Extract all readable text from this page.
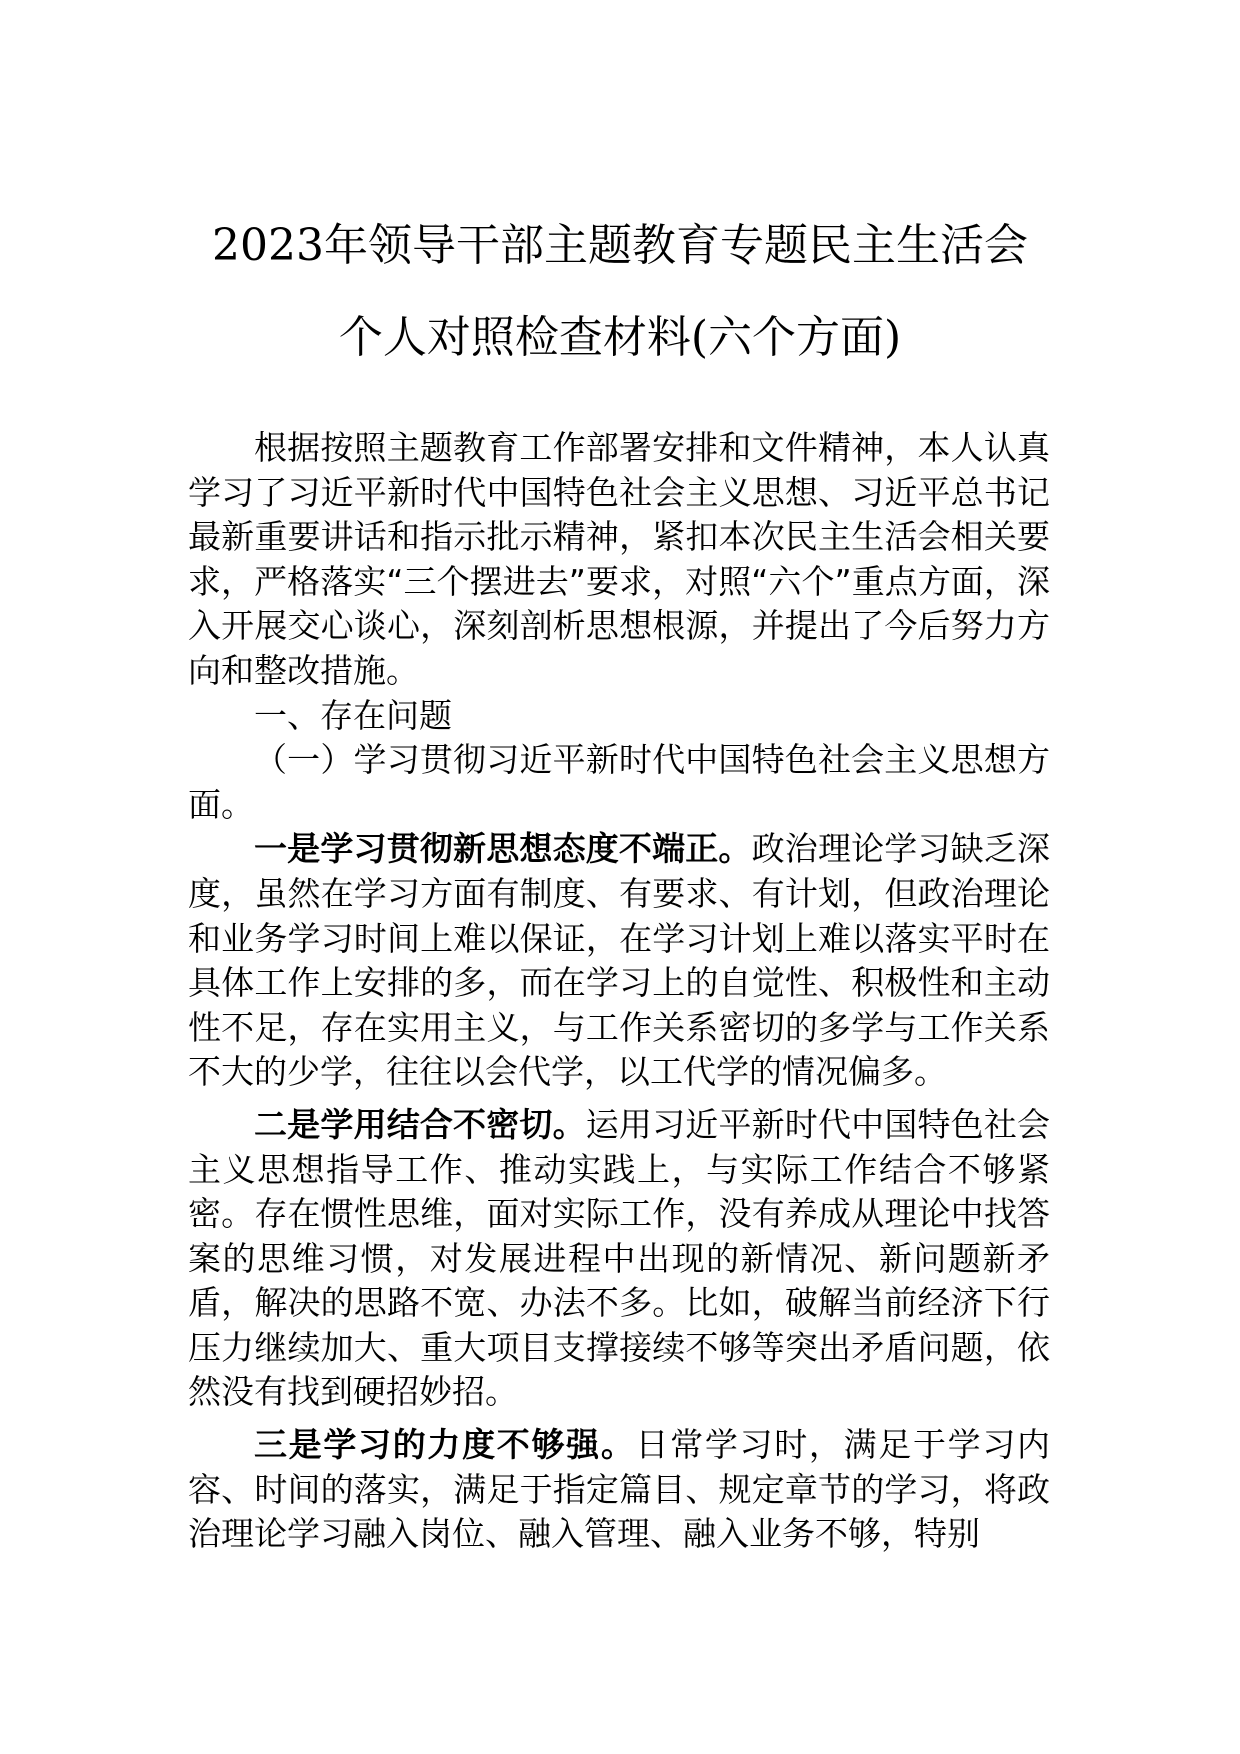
2023年领导干部主题教育专题民主生活会
个人对照检查材料(六个方面)

根据按照主题教育工作部署安排和文件精神，本人认真学习了习近平新时代中国特色社会主义思想、习近平总书记最新重要讲话和指示批示精神，紧扣本次民主生活会相关要求，严格落实“三个摆进去”要求，对照“六个”重点方面，深入开展交心谈心，深刻剖析思想根源，并提出了今后努力方向和整改措施。

一、存在问题

（一）学习贯彻习近平新时代中国特色社会主义思想方面。

一是学习贯彻新思想态度不端正。政治理论学习缺乏深度，虽然在学习方面有制度、有要求、有计划，但政治理论和业务学习时间上难以保证，在学习计划上难以落实平时在具体工作上安排的多，而在学习上的自觉性、积极性和主动性不足，存在实用主义，与工作关系密切的多学与工作关系不大的少学，往往以会代学，以工代学的情况偏多。

二是学用结合不密切。运用习近平新时代中国特色社会主义思想指导工作、推动实践上，与实际工作结合不够紧密。存在惯性思维，面对实际工作，没有养成从理论中找答案的思维习惯，对发展进程中出现的新情况、新问题新矛盾，解决的思路不宽、办法不多。比如，破解当前经济下行压力继续加大、重大项目支撑接续不够等突出矛盾问题，依然没有找到硬招妙招。

三是学习的力度不够强。日常学习时，满足于学习内容、时间的落实，满足于指定篇目、规定章节的学习，将政治理论学习融入岗位、融入管理、融入业务不够，特别
